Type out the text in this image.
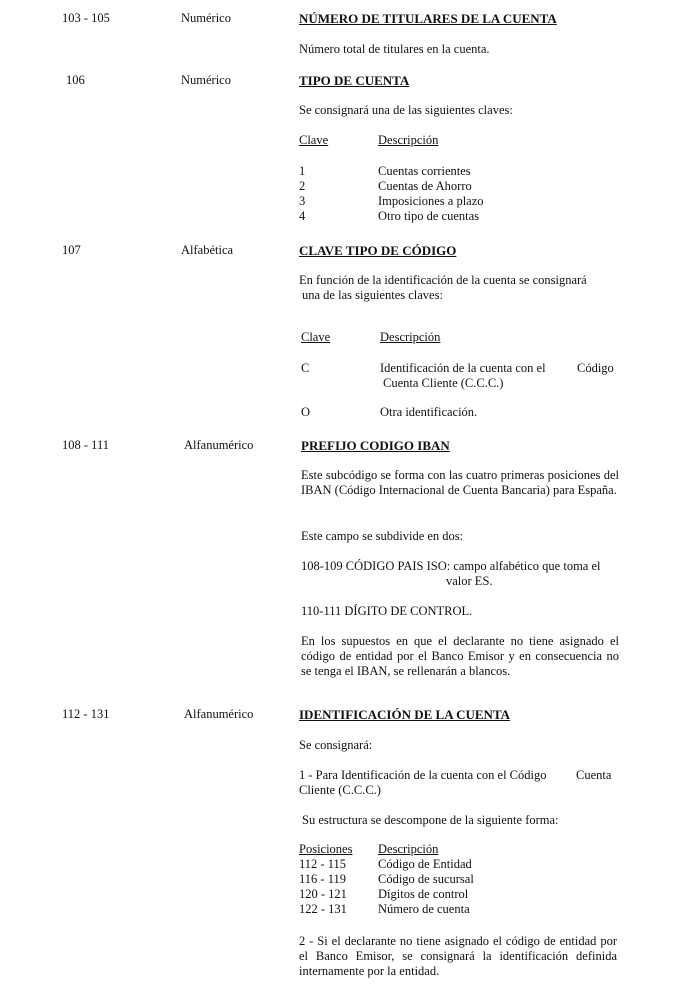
103 - 105	Numérico	NÚMERO DE TITULARES DE LA CUENTA
Número total de titulares en la cuenta.
106	Numérico	TIPO DE CUENTA
Se consignará una de las siguientes claves:
Clave	Descripción
1	Cuentas corrientes
2	Cuentas de Ahorro
3	Imposiciones a plazo
4	Otro tipo de cuentas
107	Alfabética	CLAVE TIPO DE CÓDIGO
En función de la identificación de la cuenta se consignará
una de las siguientes claves:
Clave	Descripción
C	Identificación de la cuenta con el	Código
Cuenta Cliente (C.C.C.)
O	Otra identificación.
108 - 111	Alfanumérico	PREFIJO CODIGO IBAN
Este subcódigo se forma con las cuatro primeras posiciones del IBAN (Código Internacional de Cuenta Bancaria) para España.
Este campo se subdivide en dos:
108-109 CÓDIGO PAIS ISO: campo alfabético que toma el
valor ES.
110-111 DÍGITO DE CONTROL.
En los supuestos en que el declarante no tiene asignado el código de entidad por el Banco Emisor y en consecuencia no se tenga el IBAN, se rellenarán a blancos.
112 - 131	Alfanumérico	IDENTIFICACIÓN DE LA CUENTA
Se consignará:
1 - Para Identificación de la cuenta con el Código Cuenta
Cliente (C.C.C.)
Su estructura se descompone de la siguiente forma:
Posiciones Descripción
112 - 115	Código de Entidad
116 - 119	Código de sucursal
120 - 121 Dígitos de control
122 - 131 Número de cuenta
2 - Si el declarante no tiene asignado el código de entidad por el Banco Emisor, se consignará la identificación definida internamente por la entidad.
